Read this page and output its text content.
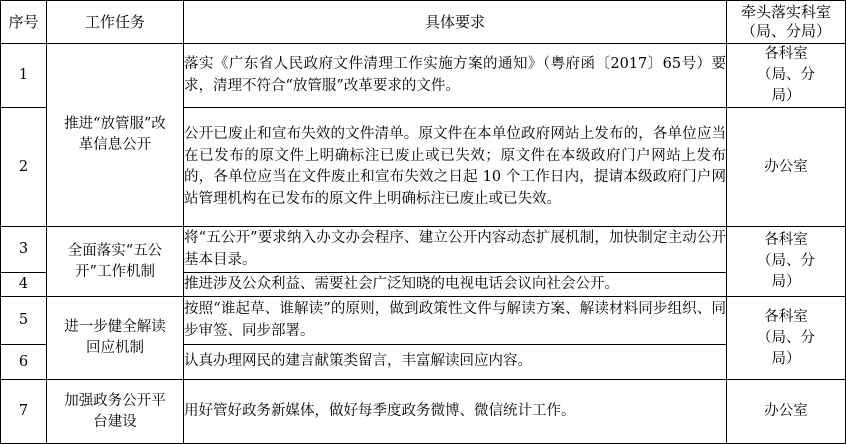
序号	工作任务	具体要求	牵头落实科室（局、分局）
1	推进“放管服”改革信息公开	落实《广东省人民政府文件清理工作实施方案的通知》（粤府函〔2017〕65号）要求，清理不符合“放管服”改革要求的文件。	各科室（局、分局）
2		公开已废止和宣布失效的文件清单。原文件在本单位政府网站上发布的，各单位应当在已发布的原文件上明确标注已废止或已失效；原文件在本级政府门户网站上发布的，各单位应当在文件废止和宣布失效之日起 10 个工作日内，提请本级政府门户网站管理机构在已发布的原文件上明确标注已废止或已失效。	办公室
3	全面落实“五公开”工作机制	将“五公开”要求纳入办文办会程序、建立公开内容动态扩展机制，加快制定主动公开基本目录。	各科室（局、分局）
4		推进涉及公众利益、需要社会广泛知晓的电视电话会议向社会公开。	
5	进一步健全解读回应机制	按照“谁起草、谁解读”的原则，做到政策性文件与解读方案、解读材料同步组织、同步审签、同步部署。	各科室（局、分局）
6		认真办理网民的建言献策类留言，丰富解读回应内容。	
7	加强政务公开平台建设	用好管好政务新媒体，做好每季度政务微博、微信统计工作。	办公室
